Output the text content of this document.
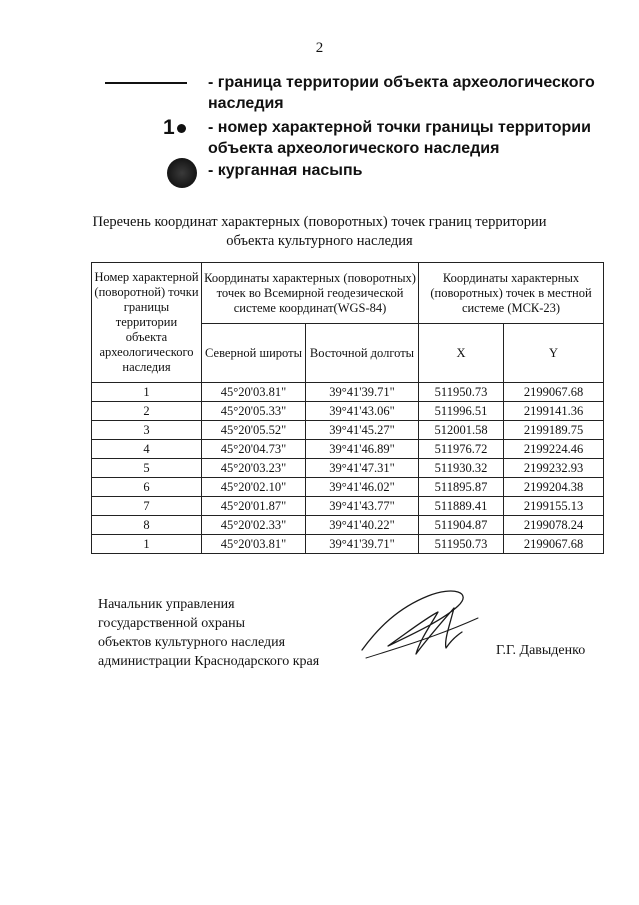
2
- граница территории объекта археологического наследия
1 - номер характерной точки границы территории объекта археологического наследия
- курганная насыпь
Перечень координат характерных (поворотных) точек границ территории
объекта культурного наследия
Номер характерной (поворотной) точки границы территории объекта археологического наследия	Координаты характерных (поворотных) точек во Всемирной геодезической системе координат(WGS-84)		Координаты характерных (поворотных) точек в местной системе (МСК-23)	
	Северной широты	Восточной долготы	X	Y
1	45°20'03.81"	39°41'39.71"	511950.73	2199067.68
2	45°20'05.33"	39°41'43.06"	511996.51	2199141.36
3	45°20'05.52"	39°41'45.27"	512001.58	2199189.75
4	45°20'04.73"	39°41'46.89"	511976.72	2199224.46
5	45°20'03.23"	39°41'47.31"	511930.32	2199232.93
6	45°20'02.10"	39°41'46.02"	511895.87	2199204.38
7	45°20'01.87"	39°41'43.77"	511889.41	2199155.13
8	45°20'02.33"	39°41'40.22"	511904.87	2199078.24
1	45°20'03.81"	39°41'39.71"	511950.73	2199067.68
Начальник управления
государственной охраны
объектов культурного наследия
администрации Краснодарского края
Г.Г. Давыденко
